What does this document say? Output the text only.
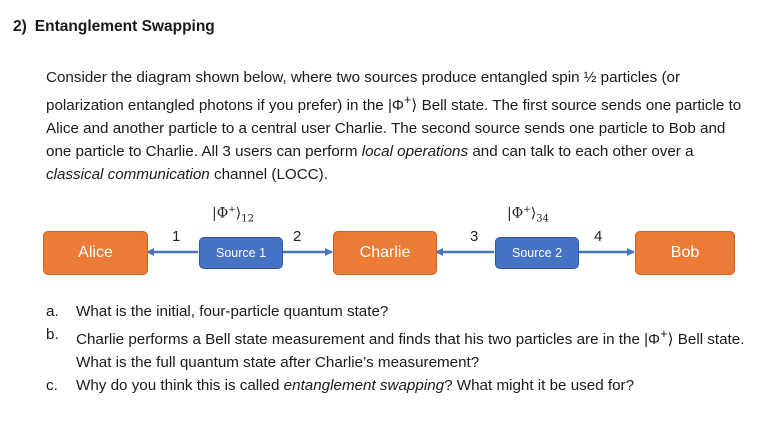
2) Entanglement Swapping
Consider the diagram shown below, where two sources produce entangled spin ½ particles (or polarization entangled photons if you prefer) in the |Φ+⟩ Bell state. The first source sends one particle to Alice and another particle to a central user Charlie. The second source sends one particle to Bob and one particle to Charlie. All 3 users can perform local operations and can talk to each other over a classical communication channel (LOCC).
Alice	Source 1	Charlie	Source 2	Bob
$|\Phi^+⟩_{12}$	$|\Phi^+⟩_{34}$
1	2	3	4
a.	What is the initial, four-particle quantum state?
b.	Charlie performs a Bell state measurement and finds that his two particles are in the |Φ+⟩ Bell state. What is the full quantum state after Charlie’s measurement?
c.	Why do you think this is called entanglement swapping? What might it be used for?
